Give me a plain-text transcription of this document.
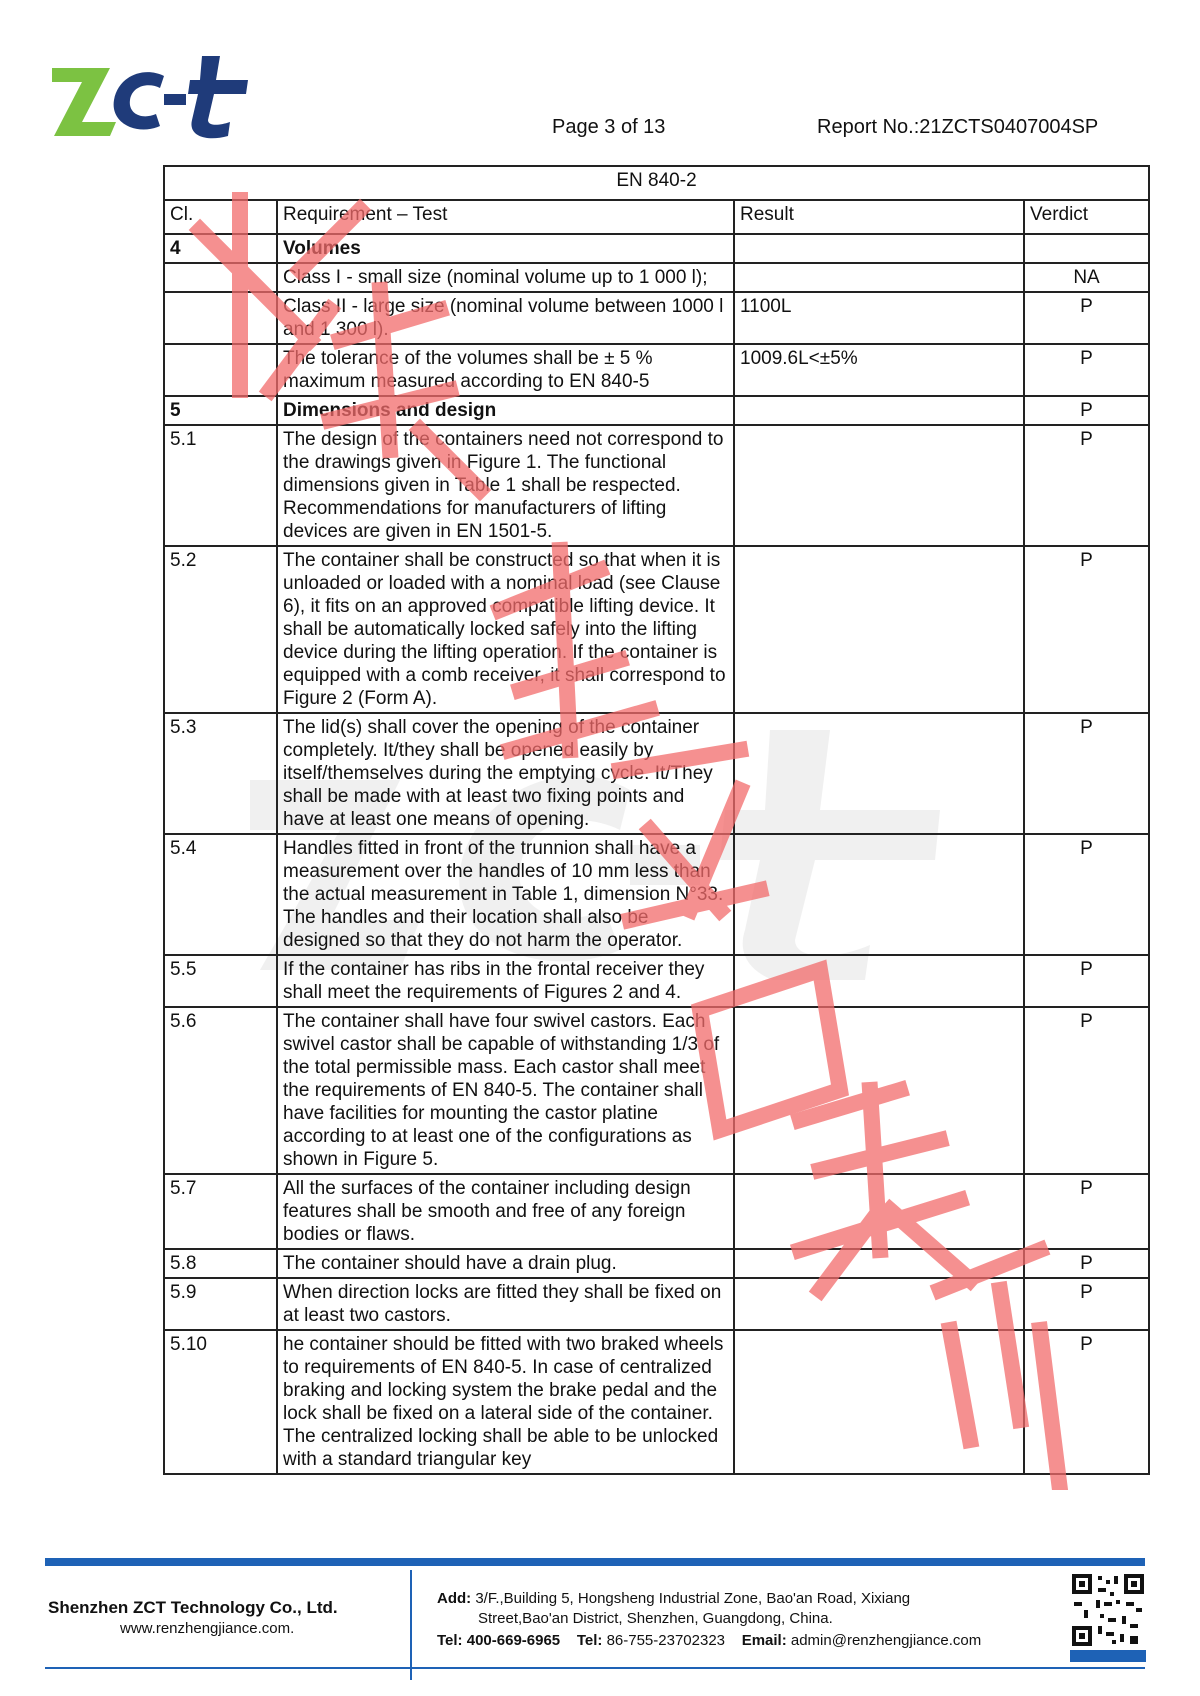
Page 3 of 13	Report No.:21ZCTS0407004SP
EN 840-2			
Cl.	Requirement – Test	Result	Verdict
4	Volumes		
	Class I - small size (nominal volume up to 1 000 l);		NA
	Class II - large size (nominal volume between 1000 l and 1 300 l).	1100L	P
	The tolerance of the volumes shall be ± 5 % maximum measured according to EN 840-5	1009.6L<±5%	P
5	Dimensions and design		P
5.1	The design of the containers need not correspond to the drawings given in Figure 1. The functional dimensions given in Table 1 shall be respected. Recommendations for manufacturers of lifting devices are given in EN 1501-5.		P
5.2	The container shall be constructed so that when it is unloaded or loaded with a nominal load (see Clause 6), it fits on an approved compatible lifting device. It shall be automatically locked safely into the lifting device during the lifting operation. If the container is equipped with a comb receiver, it shall correspond to Figure 2 (Form A).		P
5.3	The lid(s) shall cover the opening of the container completely. It/they shall be opened easily by itself/themselves during the emptying cycle. It/They shall be made with at least two fixing points and have at least one means of opening.		P
5.4	Handles fitted in front of the trunnion shall have a measurement over the handles of 10 mm less than the actual measurement in Table 1, dimension N°33. The handles and their location shall also be designed so that they do not harm the operator.		P
5.5	If the container has ribs in the frontal receiver they shall meet the requirements of Figures 2 and 4.		P
5.6	The container shall have four swivel castors. Each swivel castor shall be capable of withstanding 1/3 of the total permissible mass. Each castor shall meet the requirements of EN 840-5. The container shall have facilities for mounting the castor platine according to at least one of the configurations as shown in Figure 5.		P
5.7	All the surfaces of the container including design features shall be smooth and free of any foreign bodies or flaws.		P
5.8	The container should have a drain plug.		P
5.9	When direction locks are fitted they shall be fixed on at least two castors.		P
5.10	he container should be fitted with two braked wheels to requirements of EN 840-5. In case of centralized braking and locking system the brake pedal and the lock shall be fixed on a lateral side of the container. The centralized locking shall be able to be unlocked with a standard triangular key		P
Shenzhen ZCT Technology Co., Ltd.
www.renzhengjiance.com.
Add: 3/F.,Building 5, Hongsheng Industrial Zone, Bao'an Road, Xixiang
Street,Bao'an District, Shenzhen, Guangdong, China.
Tel: 400-669-6965 Tel: 86-755-23702323 Email: admin@renzhengjiance.com
